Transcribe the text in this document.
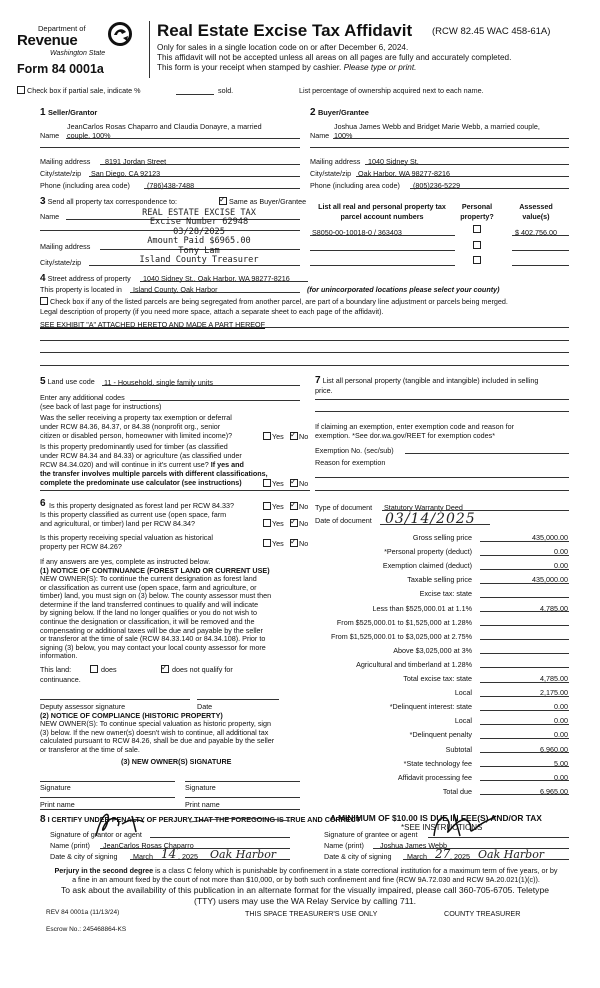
Department of
Revenue
Washington State
Form 84 0001a
Real Estate Excise Tax Affidavit (RCW 82.45 WAC 458-61A)
Only for sales in a single location code on or after December 6, 2024.
This affidavit will not be accepted unless all areas on all pages are fully and accurately completed.
This form is your receipt when stamped by cashier. Please type or print.
Check box if partial sale, indicate %	sold.	List percentage of ownership acquired next to each name.
1 Seller/Grantor
JeanCarlos Rosas Chaparro and Claudia Donayre, a married
Name couple, 100%
Mailing address 8191 Jordan Street
City/state/zip San Diego, CA 92123
Phone (including area code) (786)438-7488
2 Buyer/Grantee
Joshua James Webb and Bridget Marie Webb, a married couple,
Name 100%
Mailing address 1040 Sidney St.
City/state/zip Oak Harbor, WA 98277-8216
Phone (including area code) (805)236-5229
3 Send all property tax correspondence to:	✓ Same as Buyer/Grantee
Name
Mailing address
City/state/zip
REAL ESTATE EXCISE TAX
Excise Number 62948
03/28/2025
Amount Paid $6965.00
Tony Lam
Island County Treasurer
List all real and personal property tax
parcel account numbers
Personal
property?
Assessed
value(s)
S8050-00-10018-0 / 363403	$ 402,756.00
4 Street address of property 1040 Sidney St., Oak Harbor, WA 98277-8216
This property is located in Island County, Oak Harbor	(for unincorporated locations please select your county)
Check box if any of the listed parcels are being segregated from another parcel, are part of a boundary line adjustment or parcels being merged.
Legal description of property (if you need more space, attach a separate sheet to each page of the affidavit).
SEE EXHIBIT "A" ATTACHED HERETO AND MADE A PART HEREOF
5 Land use code 11 - Household, single family units
Enter any additional codes
(see back of last page for instructions)
Was the seller receiving a property tax exemption or deferral
under RCW 84.36, 84.37, or 84.38 (nonprofit org., senior
citizen or disabled person, homeowner with limited income)?	Yes ✓ No
Is this property predominantly used for timber (as classified
under RCW 84.34 and 84.33) or agriculture (as classified under
RCW 84.34.020) and will continue in it's current use? If yes and
the transfer involves multiple parcels with different classifications,
complete the predominate use calculator (see instructions)	Yes ✓ No
7 List all personal property (tangible and intangible) included in selling
price.
If claiming an exemption, enter exemption code and reason for
exemption. *See dor.wa.gov/REET for exemption codes*
Exemption No. (sec/sub)
Reason for exemption
6 Is this property designated as forest land per RCW 84.33?	Yes ✓ No
Is this property classified as current use (open space, farm
and agricultural, or timber) land per RCW 84.34?	Yes ✓ No
Is this property receiving special valuation as historical
property per RCW 84.26?	Yes ✓ No
If any answers are yes, complete as instructed below.
(1) NOTICE OF CONTINUANCE (FOREST LAND OR CURRENT USE)
NEW OWNER(S): To continue the current designation as forest land
or classification as current use (open space, farm and agriculture, or
timber) land, you must sign on (3) below. The county assessor must then
determine if the land transferred continues to qualify and will indicate
by signing below. If the land no longer qualifies or you do not wish to
continue the designation or classification, it will be removed and the
compensating or additional taxes will be due and payable by the seller
or transferor at the time of sale (RCW 84.33.140 or 84.34.108). Prior to
signing (3) below, you may contact your local county assessor for more
information.
This land:	does	✓ does not qualify for
continuance.
Deputy assessor signature	Date
(2) NOTICE OF COMPLIANCE (HISTORIC PROPERTY)
NEW OWNER(S): To continue special valuation as historic property, sign
(3) below. If the new owner(s) doesn't wish to continue, all additional tax
calculated pursuant to RCW 84.26, shall be due and payable by the seller
or transferor at the time of sale.
(3) NEW OWNER(S) SIGNATURE
Signature	Signature
Print name	Print name
Type of document Statutory Warranty Deed
Date of document 03/14/2025
Gross selling price	435,000.00
*Personal property (deduct)	0.00
Exemption claimed (deduct)	0.00
Taxable selling price	435,000.00
Excise tax: state
Less than $525,000.01 at 1.1%	4,785.00
From $525,000.01 to $1,525,000 at 1.28%
From $1,525,000.01 to $3,025,000 at 2.75%
Above $3,025,000 at 3%
Agricultural and timberland at 1.28%
Total excise tax: state	4,785.00
Local	2,175.00
*Delinquent interest: state	0.00
Local	0.00
*Delinquent penalty	0.00
Subtotal	6,960.00
*State technology fee	5.00
Affidavit processing fee	0.00
Total due	6,965.00
A MINIMUM OF $10.00 IS DUE IN FEE(S) AND/OR TAX
*SEE INSTRUCTIONS
8 I CERTIFY UNDER PENALTY OF PERJURY THAT THE FOREGOING IS TRUE AND CORRECT
Signature of grantor or agent
Name (print) JeanCarlos Rosas Chaparro
Date & city of signing March 14 , 2025 Oak Harbor
Signature of grantee or agent
Name (print) Joshua James Webb
Date & city of signing March 27 , 2025 Oak Harbor
Perjury in the second degree is a class C felony which is punishable by confinement in a state correctional institution for a maximum term of five years, or by
a fine in an amount fixed by the court of not more than $10,000, or by both such confinement and fine (RCW 9A.72.030 and RCW 9A.20.021(1)(c)).
To ask about the availability of this publication in an alternate format for the visually impaired, please call 360-705-6705. Teletype
(TTY) users may use the WA Relay Service by calling 711.
REV 84 0001a (11/13/24)	THIS SPACE TREASURER'S USE ONLY	COUNTY TREASURER
Escrow No.: 245468864-KS
